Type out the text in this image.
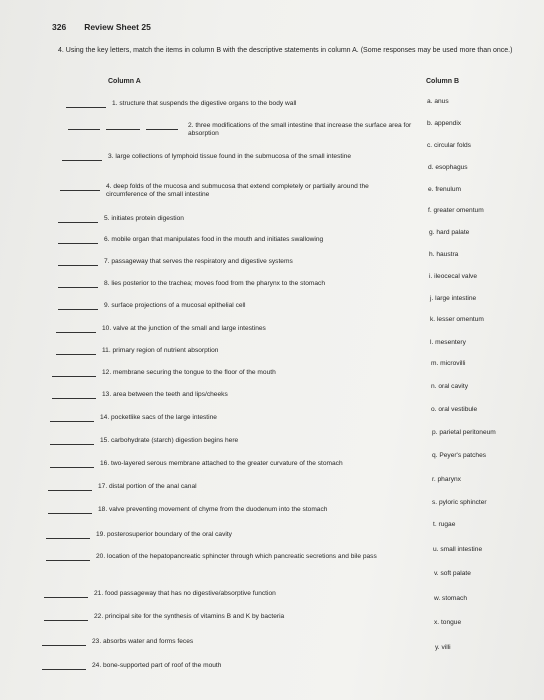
326 Review Sheet 25
4. Using the key letters, match the items in column B with the descriptive statements in column A. (Some responses may be used more than once.)
Column A	Column B
1. structure that suspends the digestive organs to the body wall
2. three modifications of the small intestine that increase the surface area for absorption
3. large collections of lymphoid tissue found in the submucosa of the small intestine
4. deep folds of the mucosa and submucosa that extend completely or partially around the circumference of the small intestine
5. initiates protein digestion
6. mobile organ that manipulates food in the mouth and initiates swallowing
7. passageway that serves the respiratory and digestive systems
8. lies posterior to the trachea; moves food from the pharynx to the stomach
9. surface projections of a mucosal epithelial cell
10. valve at the junction of the small and large intestines
11. primary region of nutrient absorption
12. membrane securing the tongue to the floor of the mouth
13. area between the teeth and lips/cheeks
14. pocketlike sacs of the large intestine
15. carbohydrate (starch) digestion begins here
16. two-layered serous membrane attached to the greater curvature of the stomach
17. distal portion of the anal canal
18. valve preventing movement of chyme from the duodenum into the stomach
19. posterosuperior boundary of the oral cavity
20. location of the hepatopancreatic sphincter through which pancreatic secretions and bile pass
21. food passageway that has no digestive/absorptive function
22. principal site for the synthesis of vitamins B and K by bacteria
23. absorbs water and forms feces
24. bone-supported part of roof of the mouth
a. anus
b. appendix
c. circular folds
d. esophagus
e. frenulum
f. greater omentum
g. hard palate
h. haustra
i. ileocecal valve
j. large intestine
k. lesser omentum
l. mesentery
m. microvilli
n. oral cavity
o. oral vestibule
p. parietal peritoneum
q. Peyer's patches
r. pharynx
s. pyloric sphincter
t. rugae
u. small intestine
v. soft palate
w. stomach
x. tongue
y. villi
